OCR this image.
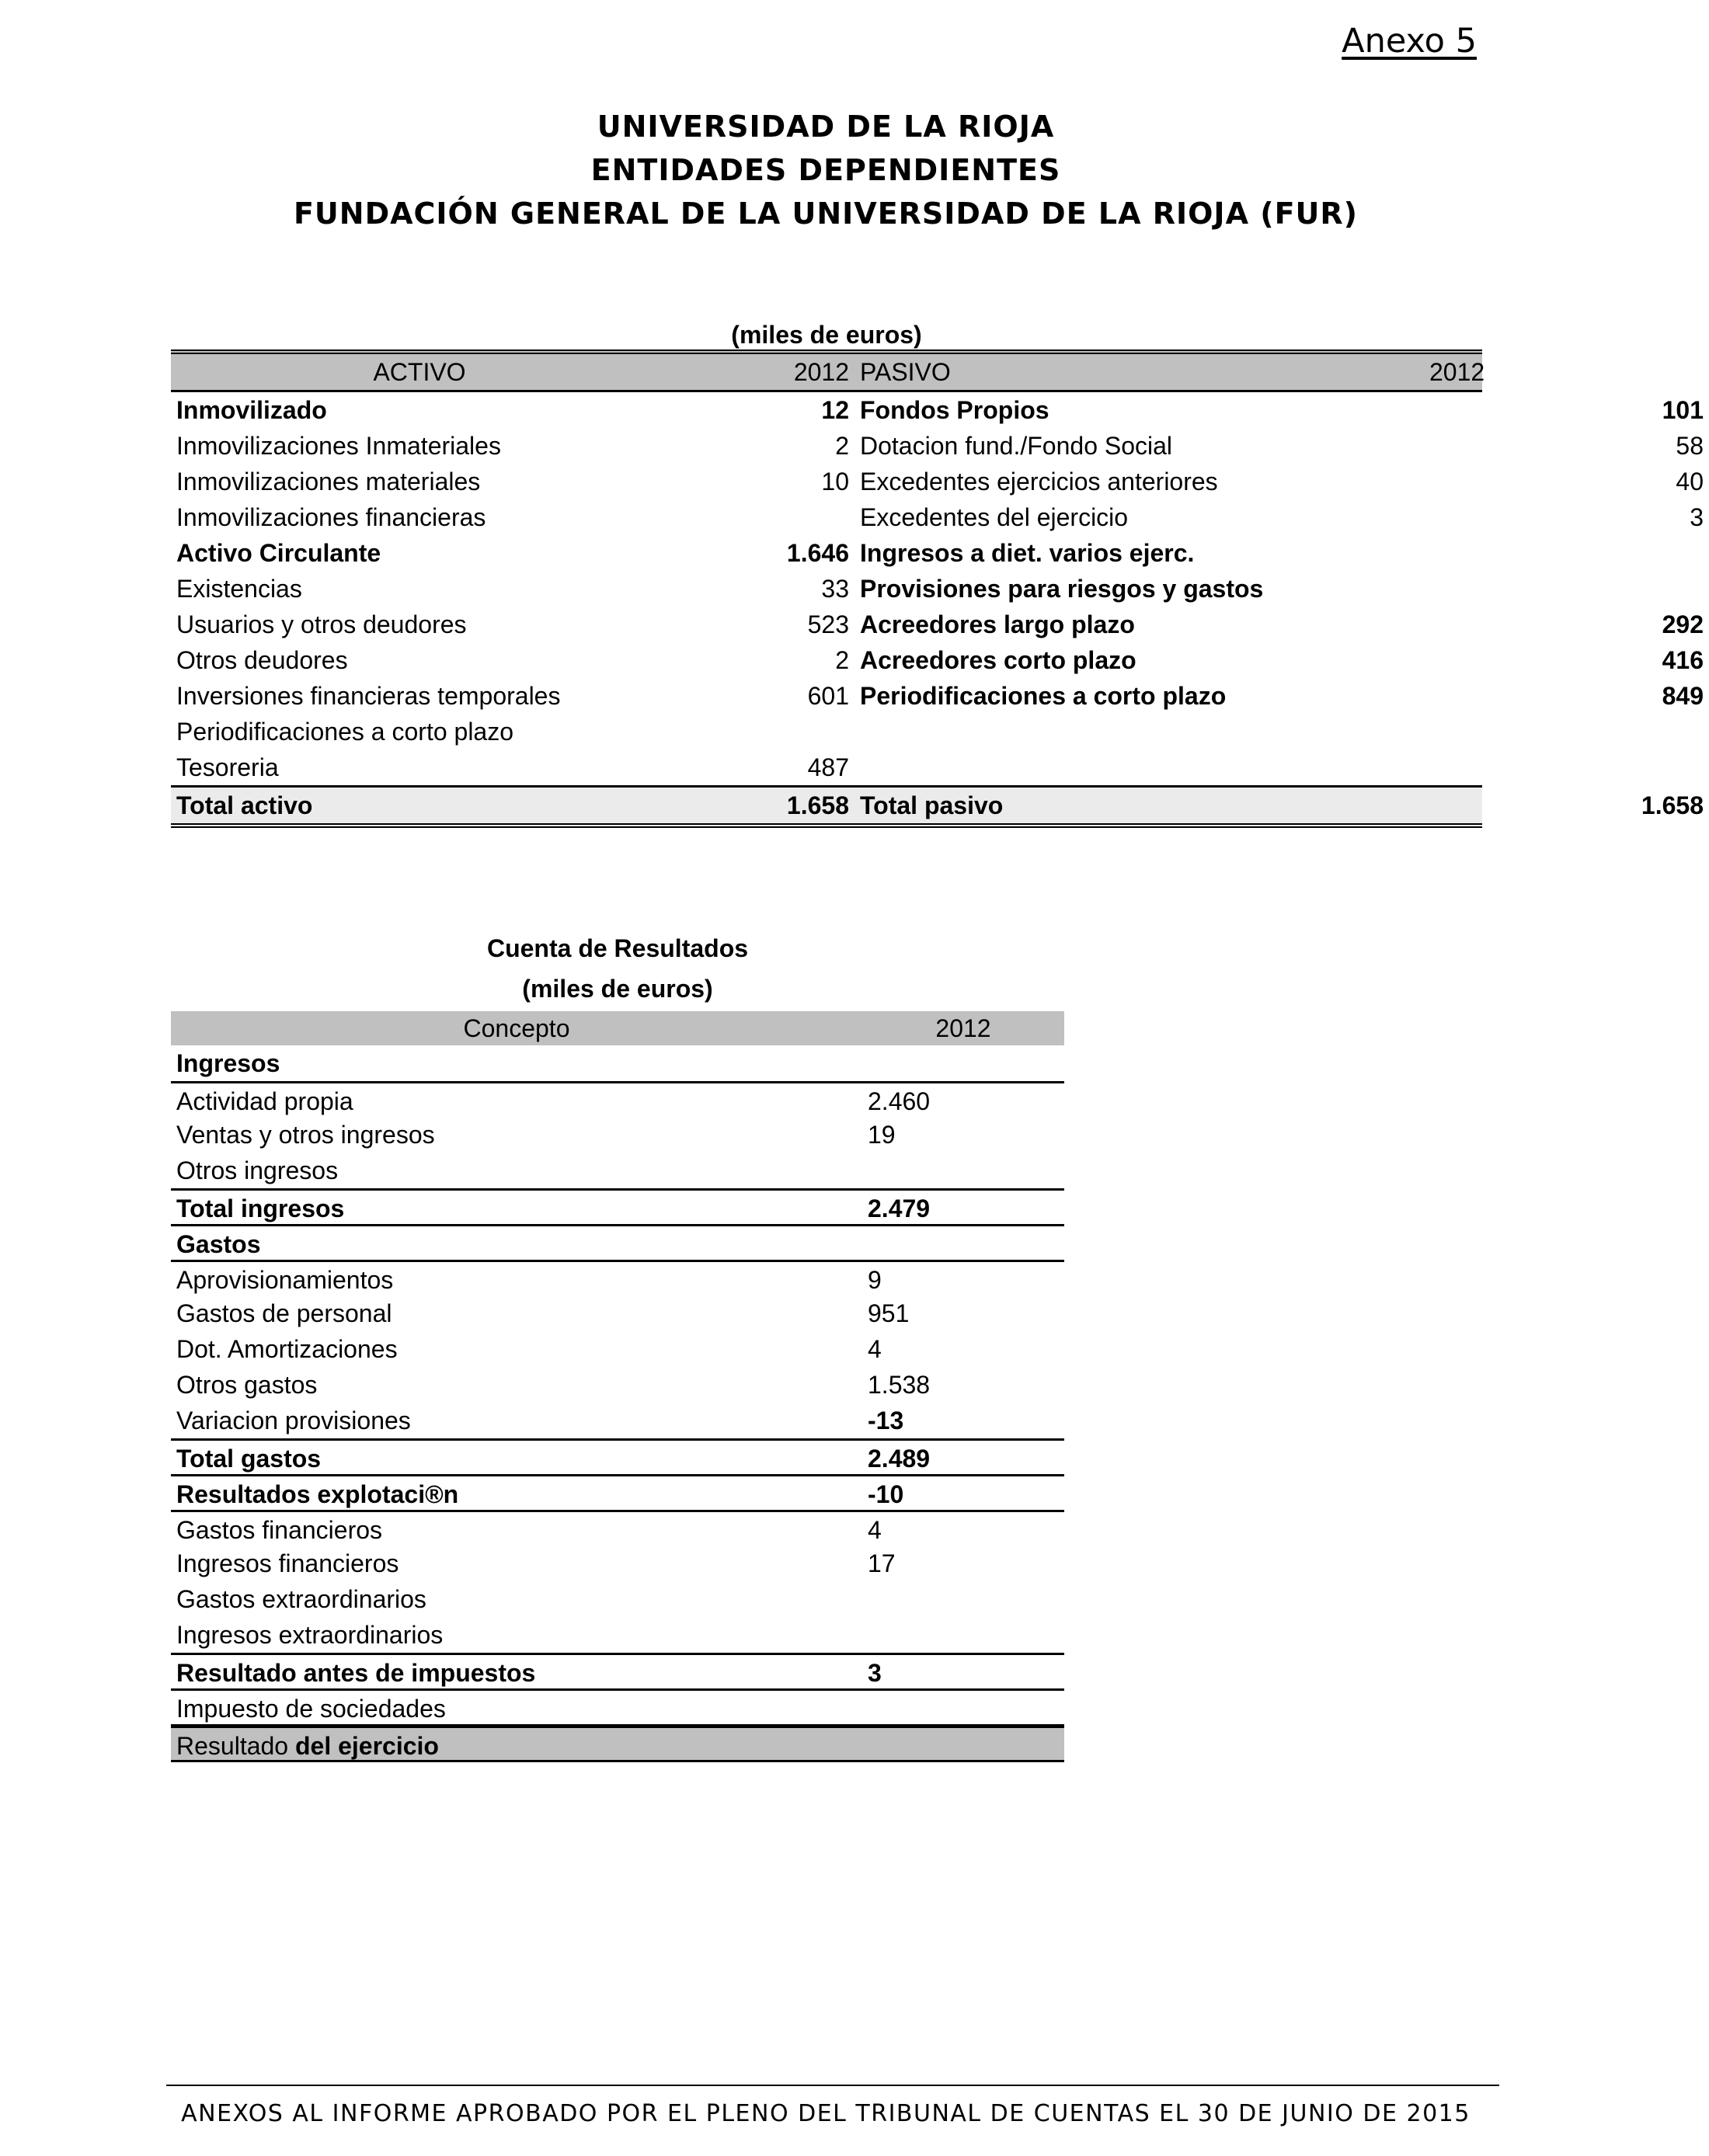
Anexo 5
UNIVERSIDAD DE LA RIOJA
ENTIDADES DEPENDIENTES
FUNDACIÓN GENERAL DE LA UNIVERSIDAD DE LA RIOJA (FUR)
(miles de euros)
ACTIVO	2012 PASIVO	2012
Inmovilizado	12 Fondos Propios	101
Inmovilizaciones Inmateriales	2 Dotacion fund./Fondo Social	58
Inmovilizaciones materiales	10 Excedentes ejercicios anteriores	40
Inmovilizaciones financieras	Excedentes del ejercicio	3
Activo Circulante	1.646 Ingresos a diet. varios ejerc.
Existencias	33 Provisiones para riesgos y gastos
Usuarios y otros deudores	523 Acreedores largo plazo	292
Otros deudores	2 Acreedores corto plazo	416
Inversiones financieras temporales	601 Periodificaciones a corto plazo	849
Periodificaciones a corto plazo
Tesoreria	487
Total activo	1.658 Total pasivo	1.658
Cuenta de Resultados
(miles de euros)
Concepto	2012
Ingresos
Actividad propia	2.460
Ventas y otros ingresos	19
Otros ingresos
Total ingresos	2.479
Gastos
Aprovisionamientos	9
Gastos de personal	951
Dot. Amortizaciones	4
Otros gastos	1.538
Variacion provisiones	-13
Total gastos	2.489
Resultados explotaci®n	-10
Gastos financieros	4
Ingresos financieros	17
Gastos extraordinarios
Ingresos extraordinarios
Resultado antes de impuestos	3
Impuesto de sociedades
Resultado del ejercicio
ANEXOS AL INFORME APROBADO POR EL PLENO DEL TRIBUNAL DE CUENTAS EL 30 DE JUNIO DE 2015
